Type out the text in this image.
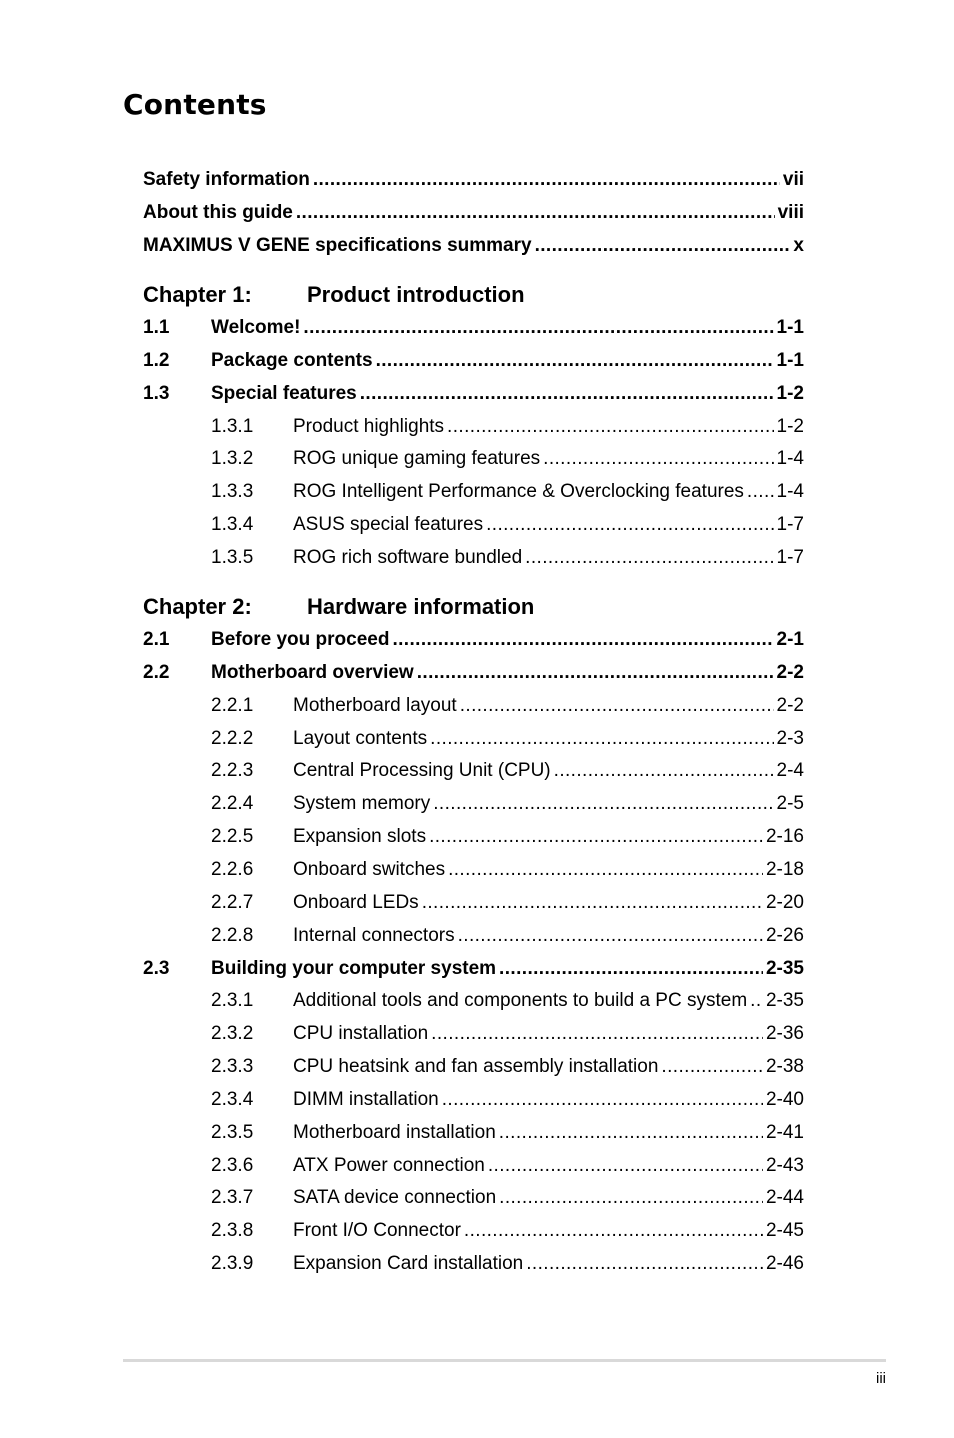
Contents
Safety information .....	vii
About this guide .....	viii
MAXIMUS V GENE specifications summary .....	x
Chapter 1:	Product introduction
1.1	Welcome! .....	1-1
1.2	Package contents .....	1-1
1.3	Special features .....	1-2
1.3.1	Product highlights .....	1-2
1.3.2	ROG unique gaming features .....	1-4
1.3.3	ROG Intelligent Performance & Overclocking features ..... 1-4
1.3.4	ASUS special features .....	1-7
1.3.5	ROG rich software bundled .....	1-7
Chapter 2:	Hardware information
2.1	Before you proceed .....	2-1
2.2	Motherboard overview .....	2-2
2.2.1	Motherboard layout .....	2-2
2.2.2	Layout contents .....	2-3
2.2.3	Central Processing Unit (CPU) .....	2-4
2.2.4	System memory .....	2-5
2.2.5	Expansion slots .....	2-16
2.2.6	Onboard switches .....	2-18
2.2.7	Onboard LEDs .....	2-20
2.2.8	Internal connectors .....	2-26
2.3	Building your computer system .....	2-35
2.3.1	Additional tools and components to build a PC system ..... 2-35
2.3.2	CPU installation .....	2-36
2.3.3	CPU heatsink and fan assembly installation .....	2-38
2.3.4	DIMM installation .....	2-40
2.3.5	Motherboard installation .....	2-41
2.3.6	ATX Power connection .....	2-43
2.3.7	SATA device connection .....	2-44
2.3.8	Front I/O Connector .....	2-45
2.3.9	Expansion Card installation .....	2-46
iii
